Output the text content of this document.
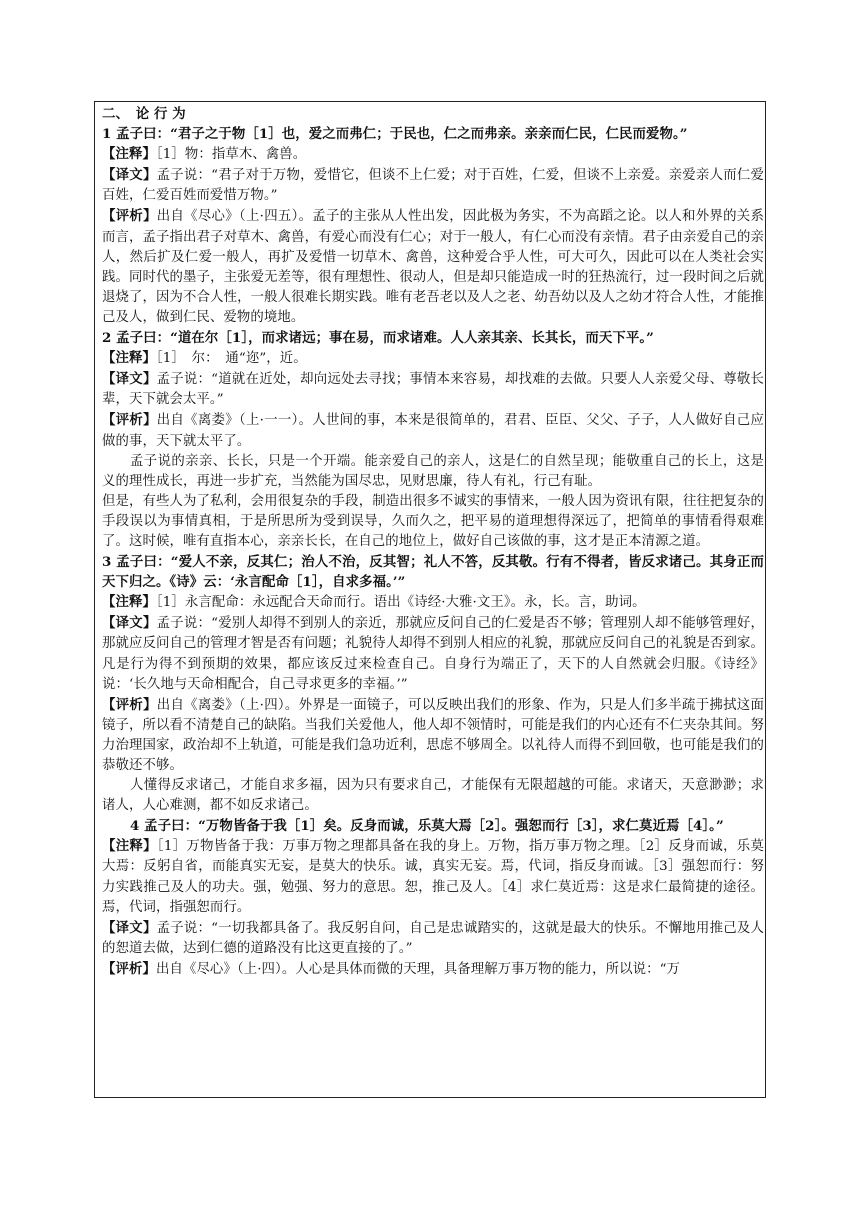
二、　论 行 为

1 孟子曰：“君子之于物［1］也，爱之而弗仁；于民也，仁之而弗亲。亲亲而仁民，仁民而爱物。”

【注释】［1］物：指草木、禽兽。

【译文】孟子说：“君子对于万物，爱惜它，但谈不上仁爱；对于百姓，仁爱，但谈不上亲爱。亲爱亲人而仁爱百姓，仁爱百姓而爱惜万物。”

【评析】出自《尽心》（上·四五）。孟子的主张从人性出发，因此极为务实，不为高蹈之论。以人和外界的关系而言，孟子指出君子对草木、禽兽，有爱心而没有仁心；对于一般人，有仁心而没有亲情。君子由亲爱自己的亲人，然后扩及仁爱一般人，再扩及爱惜一切草木、禽兽，这种爱合乎人性，可大可久，因此可以在人类社会实践。同时代的墨子，主张爱无差等，很有理想性、很动人，但是却只能造成一时的狂热流行，过一段时间之后就退烧了，因为不合人性，一般人很难长期实践。唯有老吾老以及人之老、幼吾幼以及人之幼才符合人性，才能推己及人，做到仁民、爱物的境地。

2 孟子曰：“道在尔［1］，而求诸远；事在易，而求诸难。人人亲其亲、长其长，而天下平。”

【注释】［1］　尔：　通“迩”，近。

【译文】孟子说：“道就在近处，却向远处去寻找；事情本来容易，却找难的去做。只要人人亲爱父母、尊敬长辈，天下就会太平。”

【评析】出自《离娄》（上·一一）。人世间的事，本来是很简单的，君君、臣臣、父父、子子，人人做好自己应做的事，天下就太平了。

孟子说的亲亲、长长，只是一个开端。能亲爱自己的亲人，这是仁的自然呈现；能敬重自己的长上，这是义的理性成长，再进一步扩充，当然能为国尽忠，见财思廉，待人有礼，行己有耻。

但是，有些人为了私利，会用很复杂的手段，制造出很多不诚实的事情来，一般人因为资讯有限，往往把复杂的手段误以为事情真相，于是所思所为受到误导，久而久之，把平易的道理想得深远了，把简单的事情看得艰难了。这时候，唯有直指本心，亲亲长长，在自己的地位上，做好自己该做的事，这才是正本清源之道。

3 孟子曰：“爱人不亲，反其仁；治人不治，反其智；礼人不答，反其敬。行有不得者，皆反求诸己。其身正而天下归之。《诗》云：‘永言配命［1］，自求多福。’”

【注释】［1］永言配命：永远配合天命而行。语出《诗经·大雅·文王》。永，长。言，助词。

【译文】孟子说：“爱别人却得不到别人的亲近，那就应反问自己的仁爱是否不够；管理别人却不能够管理好，那就应反问自己的管理才智是否有问题；礼貌待人却得不到别人相应的礼貌，那就应反问自己的礼貌是否到家。凡是行为得不到预期的效果，都应该反过来检查自己。自身行为端正了，天下的人自然就会归服。《诗经》说：‘长久地与天命相配合，自己寻求更多的幸福。’”

【评析】出自《离娄》（上·四）。外界是一面镜子，可以反映出我们的形象、作为，只是人们多半疏于拂拭这面镜子，所以看不清楚自己的缺陷。当我们关爱他人，他人却不领情时，可能是我们的内心还有不仁夹杂其间。努力治理国家，政治却不上轨道，可能是我们急功近利，思虑不够周全。以礼待人而得不到回敬，也可能是我们的恭敬还不够。

人懂得反求诸己，才能自求多福，因为只有要求自己，才能保有无限超越的可能。求诸天，天意渺渺；求诸人，人心难测，都不如反求诸己。

4 孟子曰：“万物皆备于我［1］矣。反身而诚，乐莫大焉［2］。强恕而行［3］，求仁莫近焉［4］。”

【注释】［1］万物皆备于我：万事万物之理都具备在我的身上。万物，指万事万物之理。［2］反身而诚，乐莫大焉：反躬自省，而能真实无妄，是莫大的快乐。诚，真实无妄。焉，代词，指反身而诚。［3］强恕而行：努力实践推己及人的功夫。强，勉强、努力的意思。恕，推己及人。［4］求仁莫近焉：这是求仁最简捷的途径。焉，代词，指强恕而行。

【译文】孟子说：“一切我都具备了。我反躬自问，自己是忠诚踏实的，这就是最大的快乐。不懈地用推己及人的恕道去做，达到仁德的道路没有比这更直接的了。”

【评析】出自《尽心》（上·四）。人心是具体而微的天理，具备理解万事万物的能力，所以说：“万
